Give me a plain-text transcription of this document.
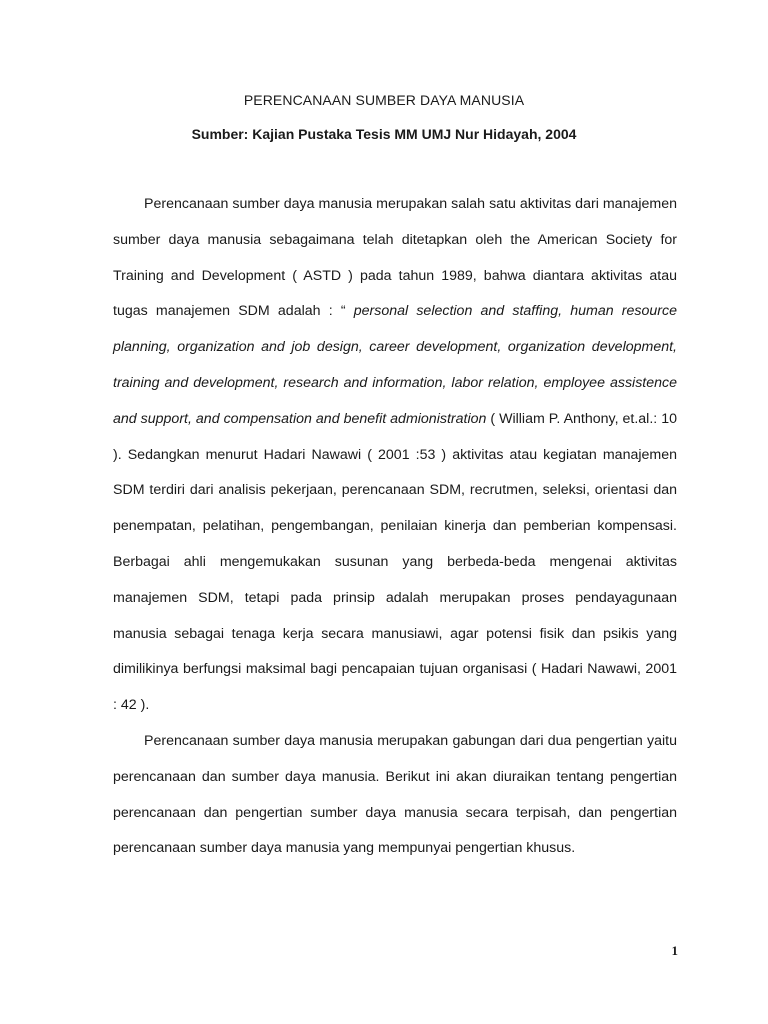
PERENCANAAN SUMBER DAYA MANUSIA

Sumber: Kajian Pustaka Tesis MM UMJ Nur Hidayah, 2004

Perencanaan sumber daya manusia merupakan salah satu aktivitas dari manajemen sumber daya manusia sebagaimana telah ditetapkan oleh the American Society for Training and Development ( ASTD ) pada tahun 1989, bahwa diantara aktivitas atau tugas manajemen SDM adalah : “ personal selection and staffing, human resource planning, organization and job design, career development, organization development, training and development, research and information, labor relation, employee assistence and support, and compensation and benefit admionistration ( William P. Anthony, et.al.: 10 ). Sedangkan menurut Hadari Nawawi ( 2001 :53 ) aktivitas atau kegiatan manajemen SDM terdiri dari analisis pekerjaan, perencanaan SDM, recrutmen, seleksi, orientasi dan penempatan, pelatihan, pengembangan, penilaian kinerja dan pemberian kompensasi. Berbagai ahli mengemukakan susunan yang berbeda-beda mengenai aktivitas manajemen SDM, tetapi pada prinsip adalah merupakan proses pendayagunaan manusia sebagai tenaga kerja secara manusiawi, agar potensi fisik dan psikis yang dimilikinya berfungsi maksimal bagi pencapaian tujuan organisasi ( Hadari Nawawi, 2001 : 42 ).

Perencanaan sumber daya manusia merupakan gabungan dari dua pengertian yaitu perencanaan dan sumber daya manusia. Berikut ini akan diuraikan tentang pengertian perencanaan dan pengertian sumber daya manusia secara terpisah, dan pengertian perencanaan sumber daya manusia yang mempunyai pengertian khusus.

1
